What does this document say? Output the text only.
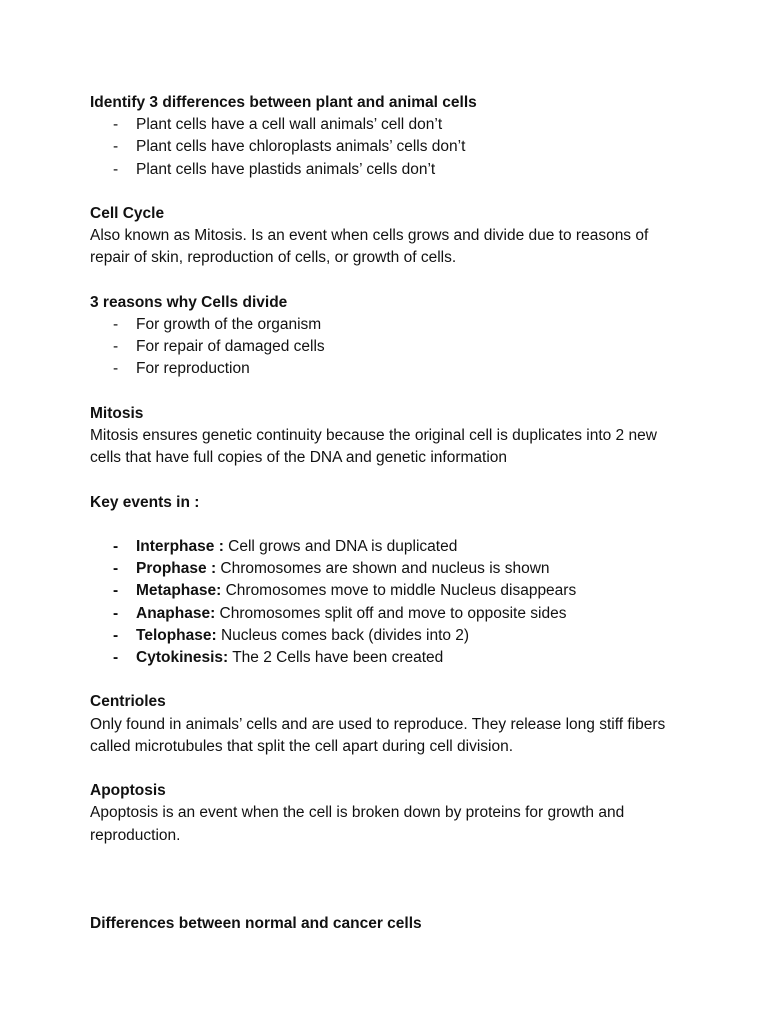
Identify 3 differences between plant and animal cells

- Plant cells have a cell wall animals’ cell don’t
- Plant cells have chloroplasts animals’ cells don’t
- Plant cells have plastids animals’ cells don’t

Cell Cycle

Also known as Mitosis. Is an event when cells grows and divide due to reasons of repair of skin, reproduction of cells, or growth of cells.

3 reasons why Cells divide

- For growth of the organism
- For repair of damaged cells
- For reproduction

Mitosis

Mitosis ensures genetic continuity because the original cell is duplicates into 2 new cells that have full copies of the DNA and genetic information

Key events in :

- Interphase : Cell grows and DNA is duplicated
- Prophase : Chromosomes are shown and nucleus is shown
- Metaphase: Chromosomes move to middle Nucleus disappears
- Anaphase: Chromosomes split off and move to opposite sides
- Telophase: Nucleus comes back (divides into 2)
- Cytokinesis: The 2 Cells have been created

Centrioles

Only found in animals’ cells and are used to reproduce. They release long stiff fibers called microtubules that split the cell apart during cell division.

Apoptosis

Apoptosis is an event when the cell is broken down by proteins for growth and reproduction.

Differences between normal and cancer cells
